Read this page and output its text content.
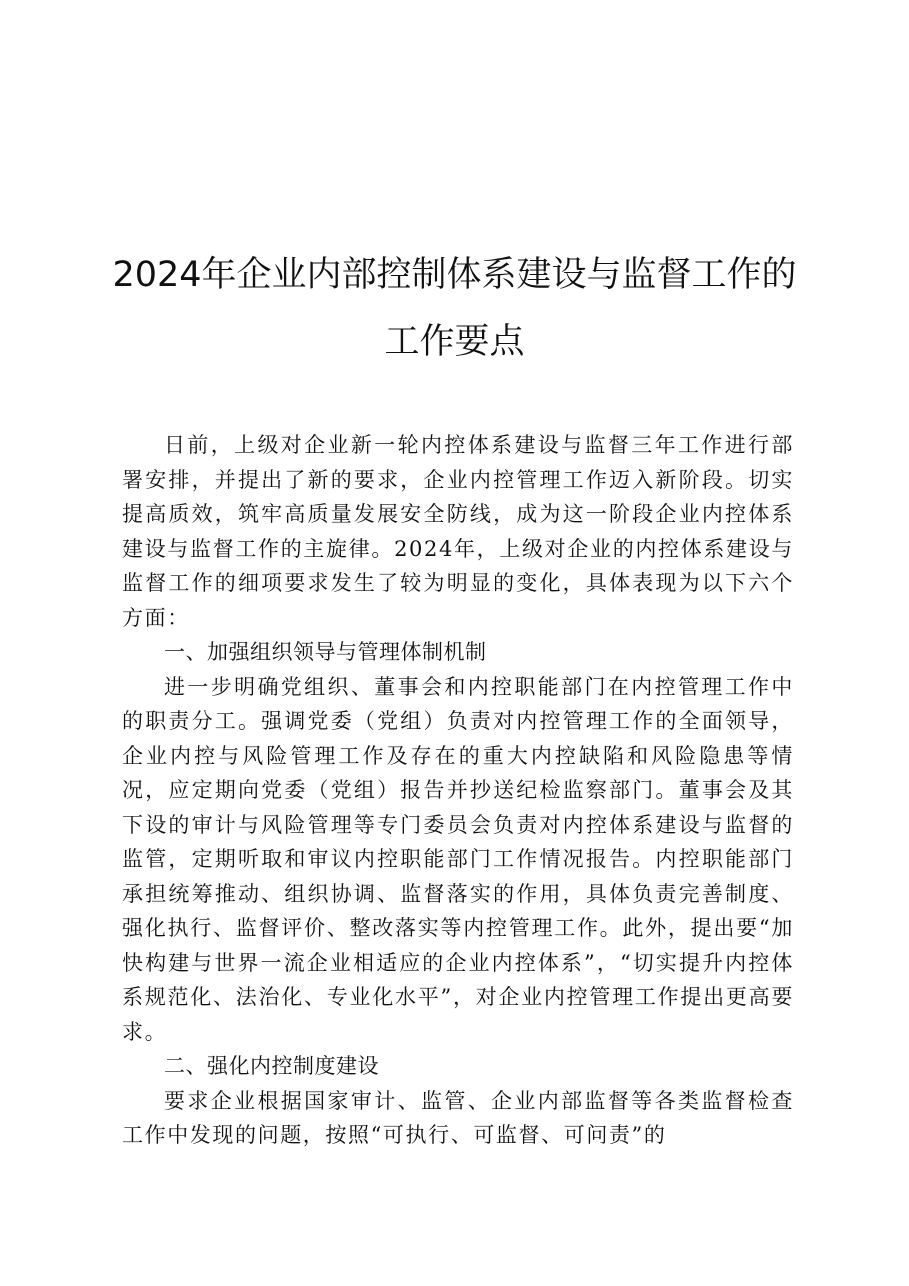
2024年企业内部控制体系建设与监督工作的
工作要点

日前，上级对企业新一轮内控体系建设与监督三年工作进行部署安排，并提出了新的要求，企业内控管理工作迈入新阶段。切实提高质效，筑牢高质量发展安全防线，成为这一阶段企业内控体系建设与监督工作的主旋律。2024年，上级对企业的内控体系建设与监督工作的细项要求发生了较为明显的变化，具体表现为以下六个方面：

一、加强组织领导与管理体制机制

进一步明确党组织、董事会和内控职能部门在内控管理工作中的职责分工。强调党委（党组）负责对内控管理工作的全面领导，企业内控与风险管理工作及存在的重大内控缺陷和风险隐患等情况，应定期向党委（党组）报告并抄送纪检监察部门。董事会及其下设的审计与风险管理等专门委员会负责对内控体系建设与监督的监管，定期听取和审议内控职能部门工作情况报告。内控职能部门承担统筹推动、组织协调、监督落实的作用，具体负责完善制度、强化执行、监督评价、整改落实等内控管理工作。此外，提出要“加快构建与世界一流企业相适应的企业内控体系”，“切实提升内控体系规范化、法治化、专业化水平”，对企业内控管理工作提出更高要求。

二、强化内控制度建设

要求企业根据国家审计、监管、企业内部监督等各类监督检查工作中发现的问题，按照“可执行、可监督、可问责”的
